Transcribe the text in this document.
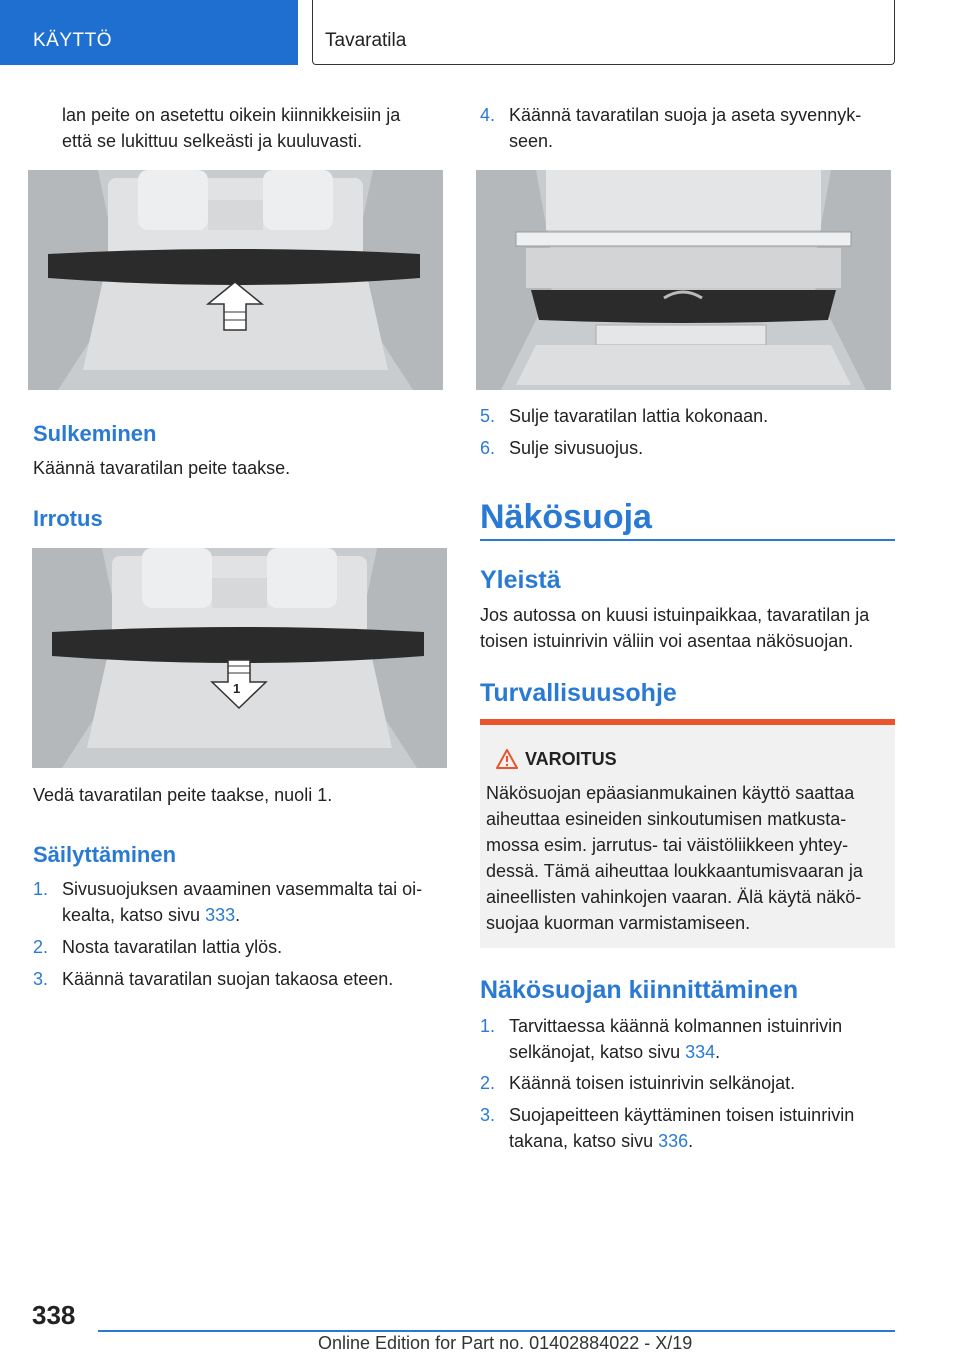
KÄYTTÖ	Tavaratila
lan peite on asetettu oikein kiinnikkeisiin ja
että se lukittuu selkeästi ja kuuluvasti.
Sulkeminen
Käännä tavaratilan peite taakse.
Irrotus
1
Vedä tavaratilan peite taakse, nuoli 1.
Säilyttäminen
1. Sivusuojuksen avaaminen vasemmalta tai oi-
kealta, katso sivu 333.
2. Nosta tavaratilan lattia ylös.
3. Käännä tavaratilan suojan takaosa eteen.
4. Käännä tavaratilan suoja ja aseta syvennyk-
seen.
5. Sulje tavaratilan lattia kokonaan.
6. Sulje sivusuojus.
Näkösuoja
Yleistä
Jos autossa on kuusi istuinpaikkaa, tavaratilan ja
toisen istuinrivin väliin voi asentaa näkösuojan.
Turvallisuusohje
VAROITUS
Näkösuojan epäasianmukainen käyttö saattaa
aiheuttaa esineiden sinkoutumisen matkusta-
mossa esim. jarrutus- tai väistöliikkeen yhtey-
dessä. Tämä aiheuttaa loukkaantumisvaaran ja
aineellisten vahinkojen vaaran. Älä käytä näkö-
suojaa kuorman varmistamiseen.
Näkösuojan kiinnittäminen
1. Tarvittaessa käännä kolmannen istuinrivin
selkänojat, katso sivu 334.
2. Käännä toisen istuinrivin selkänojat.
3. Suojapeitteen käyttäminen toisen istuinrivin
takana, katso sivu 336.
338
Online Edition for Part no. 01402884022 - X/19
